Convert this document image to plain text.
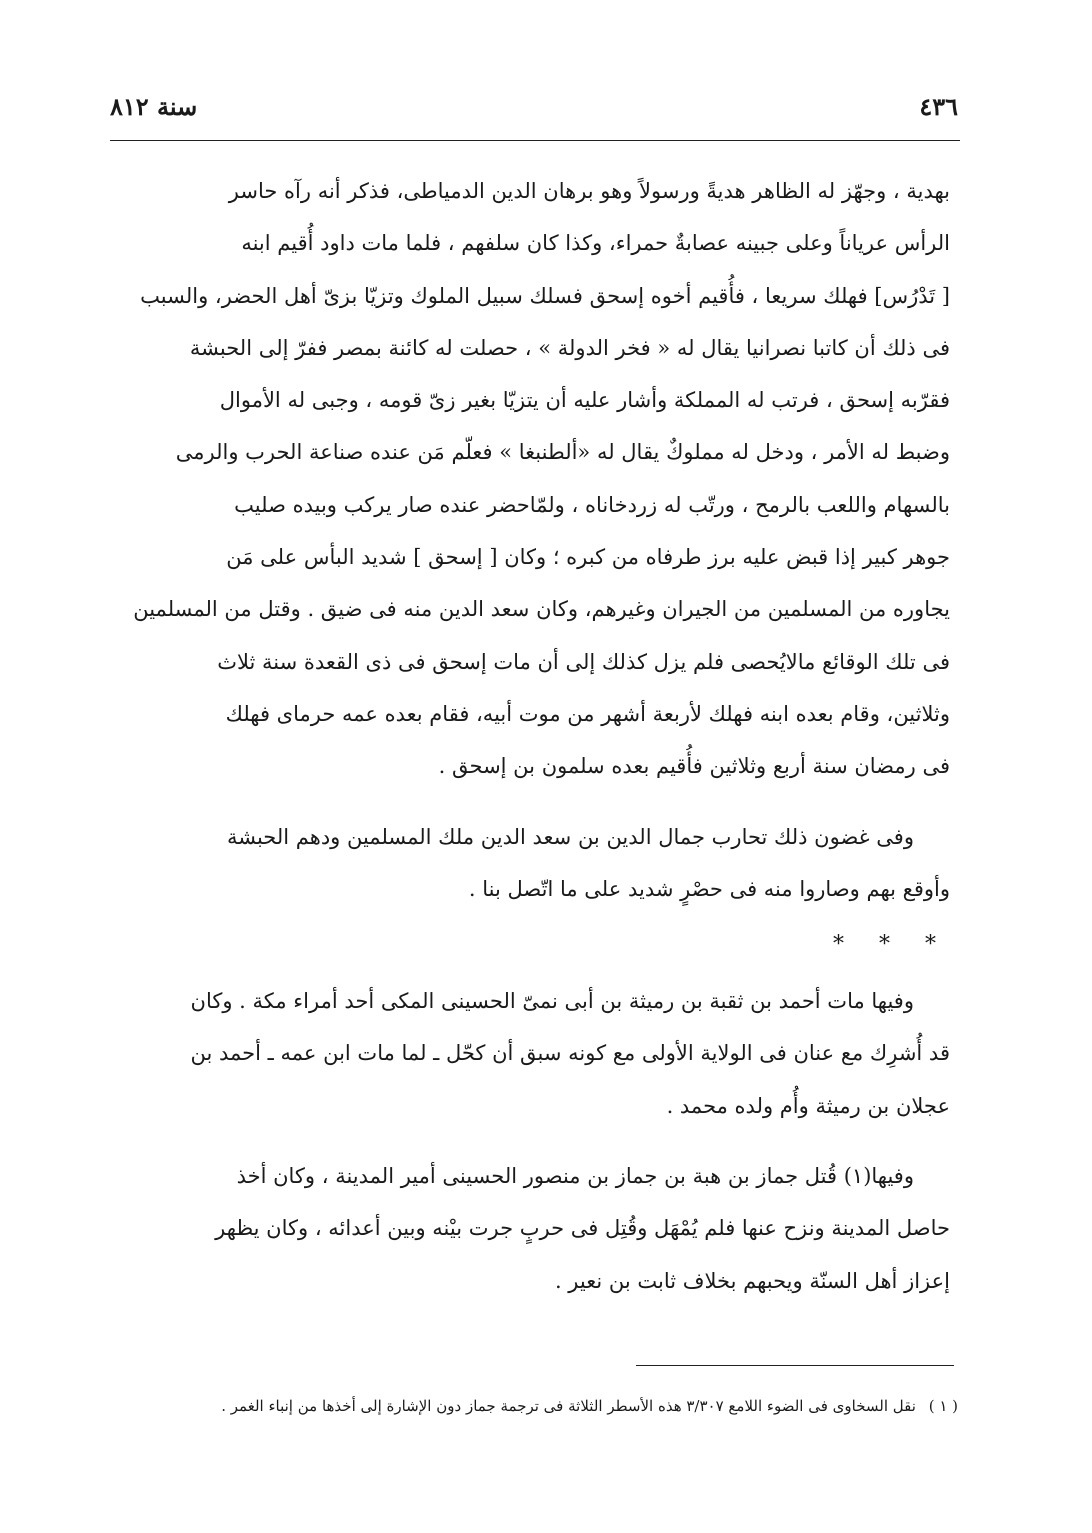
٤٣٦
سنة ٨١٢
بهدية ، وجهّز له الظاهر هديةً ورسولاً وهو برهان الدين الدمياطى، فذكر أنه رآه حاسر
الرأس عرياناً وعلى جبينه عصابةٌ حمراء، وكذا كان سلفهم ، فلما مات داود أُقيم ابنه
[ تَدْرُس] فهلك سريعا ، فأُقيم أخوه إسحق فسلك سبيل الملوك وتزيّا بزىّ أهل الحضر، والسبب
فى ذلك أن كاتبا نصرانيا يقال له « فخر الدولة » ، حصلت له كائنة بمصر ففرّ إلى الحبشة
فقرّبه إسحق ، فرتب له المملكة وأشار عليه أن يتزيّا بغير زىّ قومه ، وجبى له الأموال
وضبط له الأمر ، ودخل له مملوكٌ يقال له «ألطنبغا » فعلّم مَن عنده صناعة الحرب والرمى
بالسهام واللعب بالرمح ، ورتّب له زردخاناه ، ولمّاحضر عنده صار يركب وبيده صليب
جوهر كبير إذا قبض عليه برز طرفاه من كبره ؛ وكان [ إسحق ] شديد البأس على مَن
يجاوره من المسلمين من الجيران وغيرهم، وكان سعد الدين منه فى ضيق . وقتل من المسلمين
فى تلك الوقائع مالايُحصى فلم يزل كذلك إلى أن مات إسحق فى ذى القعدة سنة ثلاث
وثلاثين، وقام بعده ابنه فهلك لأربعة أشهر من موت أبيه، فقام بعده عمه حرماى فهلك
فى رمضان سنة أربع وثلاثين فأُقيم بعده سلمون بن إسحق .
وفى غضون ذلك تحارب جمال الدين بن سعد الدين ملك المسلمين ودهم الحبشة
وأوقع بهم وصاروا منه فى حصْرٍ شديد على ما اتّصل بنا .
* * *
وفيها مات أحمد بن ثقبة بن رميثة بن أبى نمىّ الحسينى المكى أحد أمراء مكة . وكان
قد أُشرِك مع عنان فى الولاية الأولى مع كونه سبق أن كحّل ـ لما مات ابن عمه ـ أحمد بن
عجلان بن رميثة وأُم ولده محمد .
وفيها(١) قُتل جماز بن هبة بن جماز بن منصور الحسينى أمير المدينة ، وكان أخذ
حاصل المدينة ونزح عنها فلم يُمْهَل وقُتِل فى حربٍ جرت بيْنه وبين أعدائه ، وكان يظهر
إعزاز أهل السنّة ويحبهم بخلاف ثابت بن نعير .
( ١ ) نقل السخاوى فى الضوء اللامع ٣/٣٠٧ هذه الأسطر الثلاثة فى ترجمة جماز دون الإشارة إلى أخذها من إنباء الغمر .
